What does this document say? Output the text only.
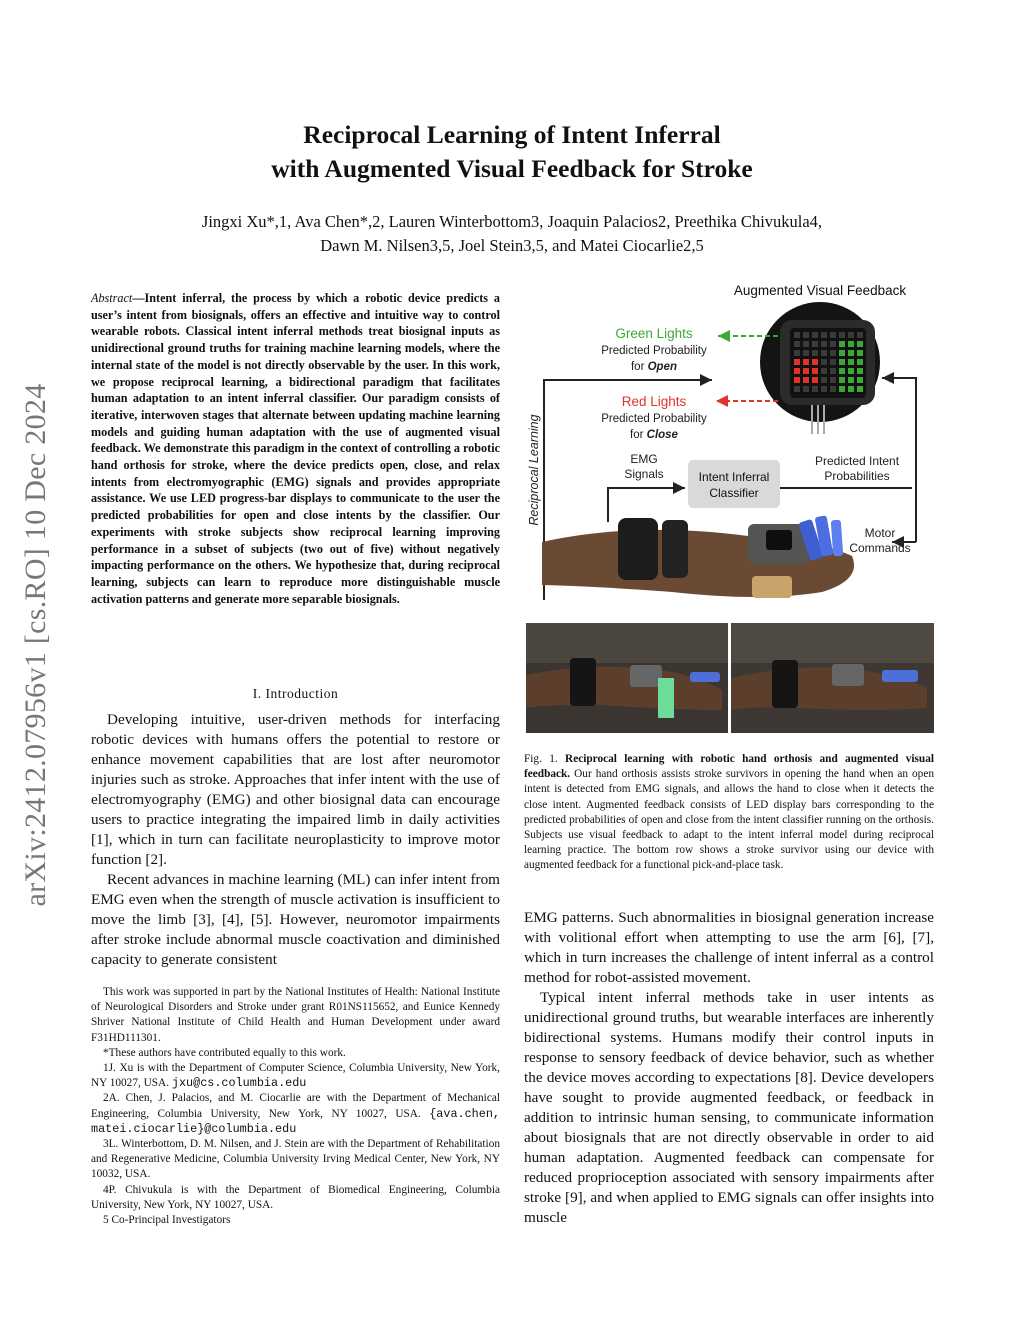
arXiv:2412.07956v1 [cs.RO] 10 Dec 2024
Reciprocal Learning of Intent Inferral
with Augmented Visual Feedback for Stroke
Jingxi Xu*,1, Ava Chen*,2, Lauren Winterbottom3, Joaquin Palacios2, Preethika Chivukula4,
Dawn M. Nilsen3,5, Joel Stein3,5, and Matei Ciocarlie2,5
Abstract—Intent inferral, the process by which a robotic device predicts a user’s intent from biosignals, offers an effective and intuitive way to control wearable robots. Classical intent inferral methods treat biosignal inputs as unidirectional ground truths for training machine learning models, where the internal state of the model is not directly observable by the user. In this work, we propose reciprocal learning, a bidirectional paradigm that facilitates human adaptation to an intent inferral classifier. Our paradigm consists of iterative, interwoven stages that alternate between updating machine learning models and guiding human adaptation with the use of augmented visual feedback. We demonstrate this paradigm in the context of controlling a robotic hand orthosis for stroke, where the device predicts open, close, and relax intents from electromyographic (EMG) signals and provides appropriate assistance. We use LED progress-bar displays to communicate to the user the predicted probabilities for open and close intents by the classifier. Our experiments with stroke subjects show reciprocal learning improving performance in a subset of subjects (two out of five) without negatively impacting performance on the others. We hypothesize that, during reciprocal learning, subjects can learn to reproduce more distinguishable muscle activation patterns and generate more separable biosignals.
I. Introduction

Developing intuitive, user-driven methods for interfacing robotic devices with humans offers the potential to restore or enhance movement capabilities that are lost after neuromotor injuries such as stroke. Approaches that infer intent with the use of electromyography (EMG) and other biosignal data can encourage users to practice integrating the impaired limb in daily activities [1], which in turn can facilitate neuroplasticity to improve motor function [2].

Recent advances in machine learning (ML) can infer intent from EMG even when the strength of muscle activation is insufficient to move the limb [3], [4], [5]. However, neuromotor impairments after stroke include abnormal muscle coactivation and diminished capacity to generate consistent

This work was supported in part by the National Institutes of Health: National Institute of Neurological Disorders and Stroke under grant R01NS115652, and Eunice Kennedy Shriver National Institute of Child Health and Human Development under award F31HD111301.

*These authors have contributed equally to this work.

1J. Xu is with the Department of Computer Science, Columbia University, New York, NY 10027, USA. jxu@cs.columbia.edu

2A. Chen, J. Palacios, and M. Ciocarlie are with the Department of Mechanical Engineering, Columbia University, New York, NY 10027, USA. {ava.chen, matei.ciocarlie}@columbia.edu

3L. Winterbottom, D. M. Nilsen, and J. Stein are with the Department of Rehabilitation and Regenerative Medicine, Columbia University Irving Medical Center, New York, NY 10032, USA.

4P. Chivukula is with the Department of Biomedical Engineering, Columbia University, New York, NY 10027, USA.

5 Co-Principal Investigators

Augmented Visual Feedback
Green Lights
Predicted Probability
for Open
Red Lights
Predicted Probability
for Close
Reciprocal Learning	EMG
Signals	Intent Inferral
Classifier
Predicted Intent
Probabilities
Motor
Commands
Fig. 1. Reciprocal learning with robotic hand orthosis and augmented visual feedback. Our hand orthosis assists stroke survivors in opening the hand when an open intent is detected from EMG signals, and allows the hand to close when it detects the close intent. Augmented feedback consists of LED display bars corresponding to the predicted probabilities of open and close from the intent classifier running on the orthosis. Subjects use visual feedback to adapt to the intent inferral model during reciprocal learning practice. The bottom row shows a stroke survivor using our device with augmented feedback for a functional pick-and-place task.

EMG patterns. Such abnormalities in biosignal generation increase with volitional effort when attempting to use the arm [6], [7], which in turn increases the challenge of intent inferral as a control method for robot-assisted movement.

Typical intent inferral methods take in user intents as unidirectional ground truths, but wearable interfaces are inherently bidirectional systems. Humans modify their control inputs in response to sensory feedback of device behavior, such as whether the device moves according to expectations [8]. Device developers have sought to provide augmented feedback, or feedback in addition to intrinsic human sensing, to communicate information about biosignals that are not directly observable in order to aid human adaptation. Augmented feedback can compensate for reduced proprioception associated with sensory impairments after stroke [9], and when applied to EMG signals can offer insights into muscle
